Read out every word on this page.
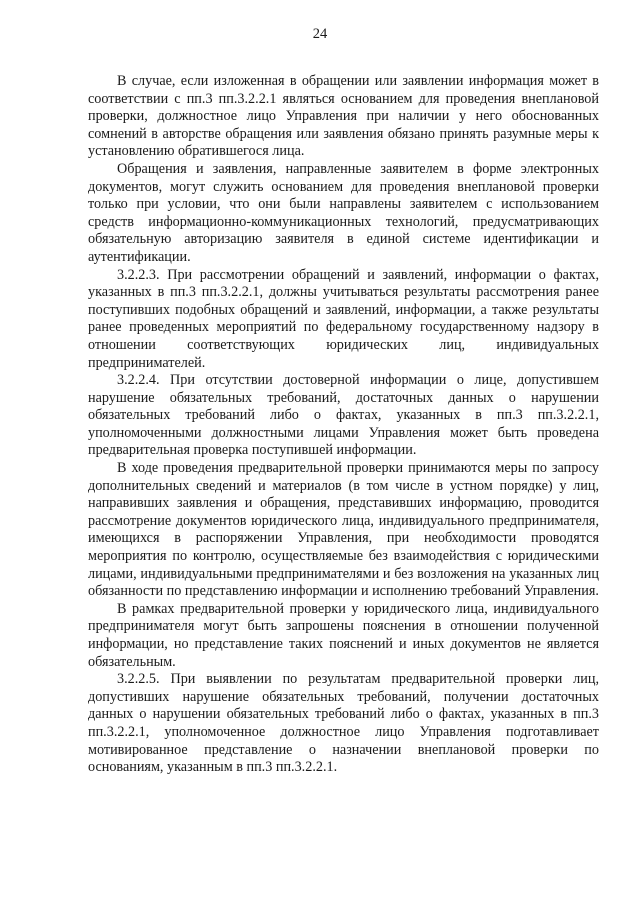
24

В случае, если изложенная в обращении или заявлении информация может в соответствии с пп.3 пп.3.2.2.1 являться основанием для проведения внеплановой проверки, должностное лицо Управления при наличии у него обоснованных сомнений в авторстве обращения или заявления обязано принять разумные меры к установлению обратившегося лица.

Обращения и заявления, направленные заявителем в форме электронных документов, могут служить основанием для проведения внеплановой проверки только при условии, что они были направлены заявителем с использованием средств информационно-коммуникационных технологий, предусматривающих обязательную авторизацию заявителя в единой системе идентификации и аутентификации.

3.2.2.3. При рассмотрении обращений и заявлений, информации о фактах, указанных в пп.3 пп.3.2.2.1, должны учитываться результаты рассмотрения ранее поступивших подобных обращений и заявлений, информации, а также результаты ранее проведенных мероприятий по федеральному государственному надзору в отношении соответствующих юридических лиц, индивидуальных предпринимателей.

3.2.2.4. При отсутствии достоверной информации о лице, допустившем нарушение обязательных требований, достаточных данных о нарушении обязательных требований либо о фактах, указанных в пп.3 пп.3.2.2.1, уполномоченными должностными лицами Управления может быть проведена предварительная проверка поступившей информации.

В ходе проведения предварительной проверки принимаются меры по запросу дополнительных сведений и материалов (в том числе в устном порядке) у лиц, направивших заявления и обращения, представивших информацию, проводится рассмотрение документов юридического лица, индивидуального предпринимателя, имеющихся в распоряжении Управления, при необходимости проводятся мероприятия по контролю, осуществляемые без взаимодействия с юридическими лицами, индивидуальными предпринимателями и без возложения на указанных лиц обязанности по представлению информации и исполнению требований Управления.

В рамках предварительной проверки у юридического лица, индивидуального предпринимателя могут быть запрошены пояснения в отношении полученной информации, но представление таких пояснений и иных документов не является обязательным.

3.2.2.5. При выявлении по результатам предварительной проверки лиц, допустивших нарушение обязательных требований, получении достаточных данных о нарушении обязательных требований либо о фактах, указанных в пп.3 пп.3.2.2.1, уполномоченное должностное лицо Управления подготавливает мотивированное представление о назначении внеплановой проверки по основаниям, указанным в пп.3 пп.3.2.2.1.
